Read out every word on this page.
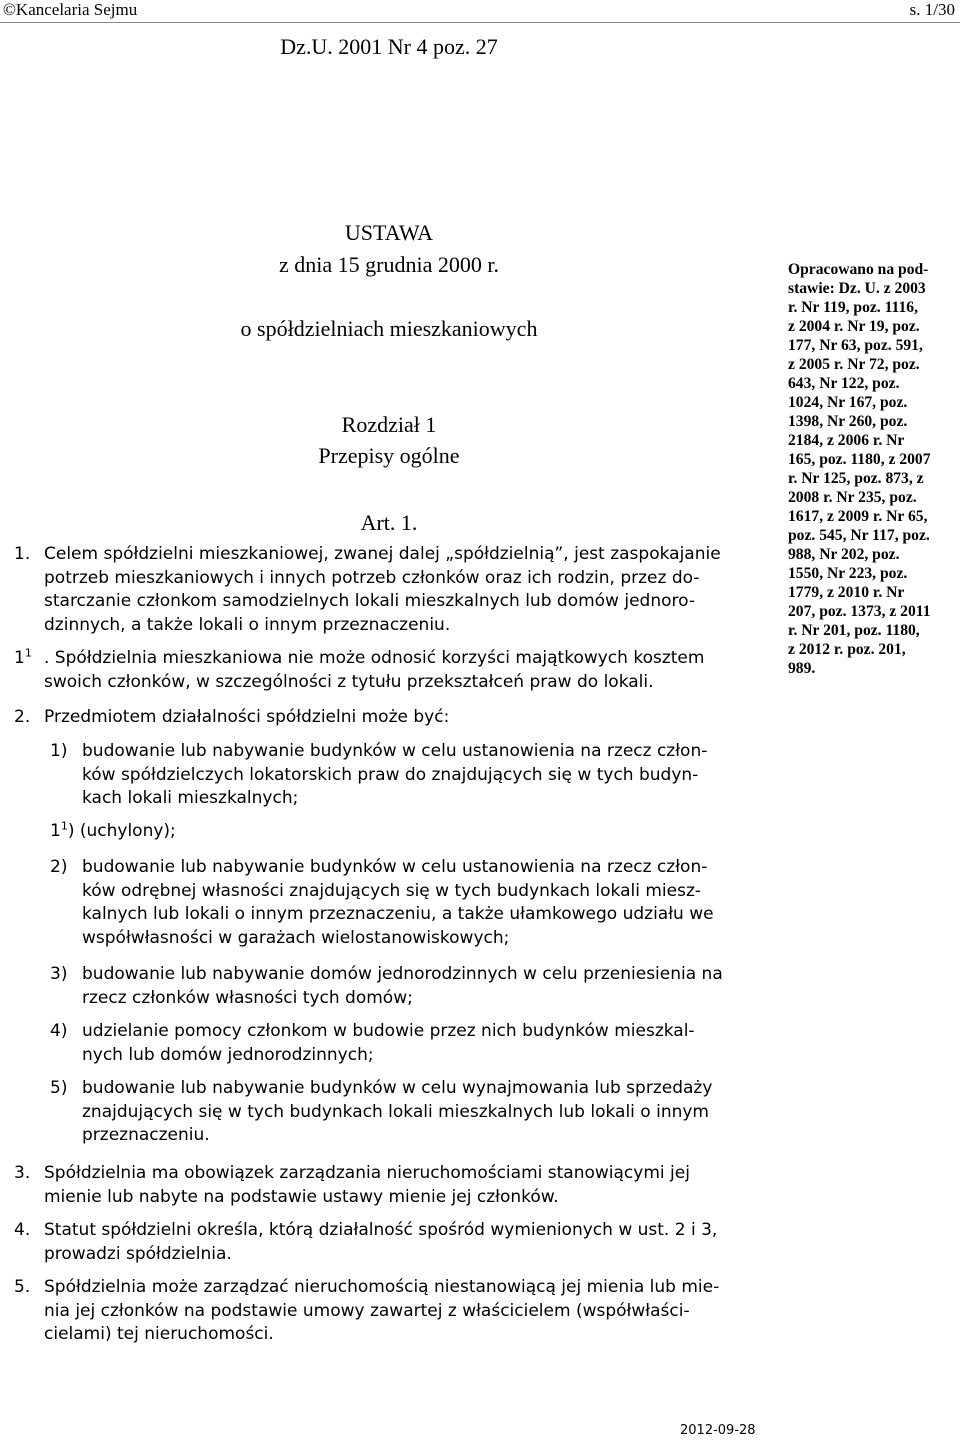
©Kancelaria Sejmu	s. 1/30
Dz.U. 2001 Nr 4 poz. 27
USTAWA
z dnia 15 grudnia 2000 r.
o spółdzielniach mieszkaniowych
Rozdział 1
Przepisy ogólne
Art. 1.
1. Celem spółdzielni mieszkaniowej, zwanej dalej „spółdzielnią”, jest zaspokajanie
potrzeb mieszkaniowych i innych potrzeb członków oraz ich rodzin, przez do-
starczanie członkom samodzielnych lokali mieszkalnych lub domów jednoro-
dzinnych, a także lokali o innym przeznaczeniu.
$1^1$ . Spółdzielnia mieszkaniowa nie może odnosić korzyści majątkowych kosztem
swoich członków, w szczególności z tytułu przekształceń praw do lokali.
2. Przedmiotem działalności spółdzielni może być:
1) budowanie lub nabywanie budynków w celu ustanowienia na rzecz człon-
ków spółdzielczych lokatorskich praw do znajdujących się w tych budyn-
kach lokali mieszkalnych;
$1^1$) (uchylony);
2) budowanie lub nabywanie budynków w celu ustanowienia na rzecz człon-
ków odrębnej własności znajdujących się w tych budynkach lokali miesz-
kalnych lub lokali o innym przeznaczeniu, a także ułamkowego udziału we
współwłasności w garażach wielostanowiskowych;
3) budowanie lub nabywanie domów jednorodzinnych w celu przeniesienia na
rzecz członków własności tych domów;
4) udzielanie pomocy członkom w budowie przez nich budynków mieszkal-
nych lub domów jednorodzinnych;
5) budowanie lub nabywanie budynków w celu wynajmowania lub sprzedaży
znajdujących się w tych budynkach lokali mieszkalnych lub lokali o innym
przeznaczeniu.
3. Spółdzielnia ma obowiązek zarządzania nieruchomościami stanowiącymi jej
mienie lub nabyte na podstawie ustawy mienie jej członków.
4. Statut spółdzielni określa, którą działalność spośród wymienionych w ust. 2 i 3,
prowadzi spółdzielnia.
5. Spółdzielnia może zarządzać nieruchomością niestanowiącą jej mienia lub mie-
nia jej członków na podstawie umowy zawartej z właścicielem (współwłaści-
cielami) tej nieruchomości.
Opracowano na pod-
stawie: Dz. U. z 2003
r. Nr 119, poz. 1116,
z 2004 r. Nr 19, poz.
177, Nr 63, poz. 591,
z 2005 r. Nr 72, poz.
643, Nr 122, poz.
1024, Nr 167, poz.
1398, Nr 260, poz.
2184, z 2006 r. Nr
165, poz. 1180, z 2007
r. Nr 125, poz. 873, z
2008 r. Nr 235, poz.
1617, z 2009 r. Nr 65,
poz. 545, Nr 117, poz.
988, Nr 202, poz.
1550, Nr 223, poz.
1779, z 2010 r. Nr
207, poz. 1373, z 2011
r. Nr 201, poz. 1180,
z 2012 r. poz. 201,
989.
2012-09-28
